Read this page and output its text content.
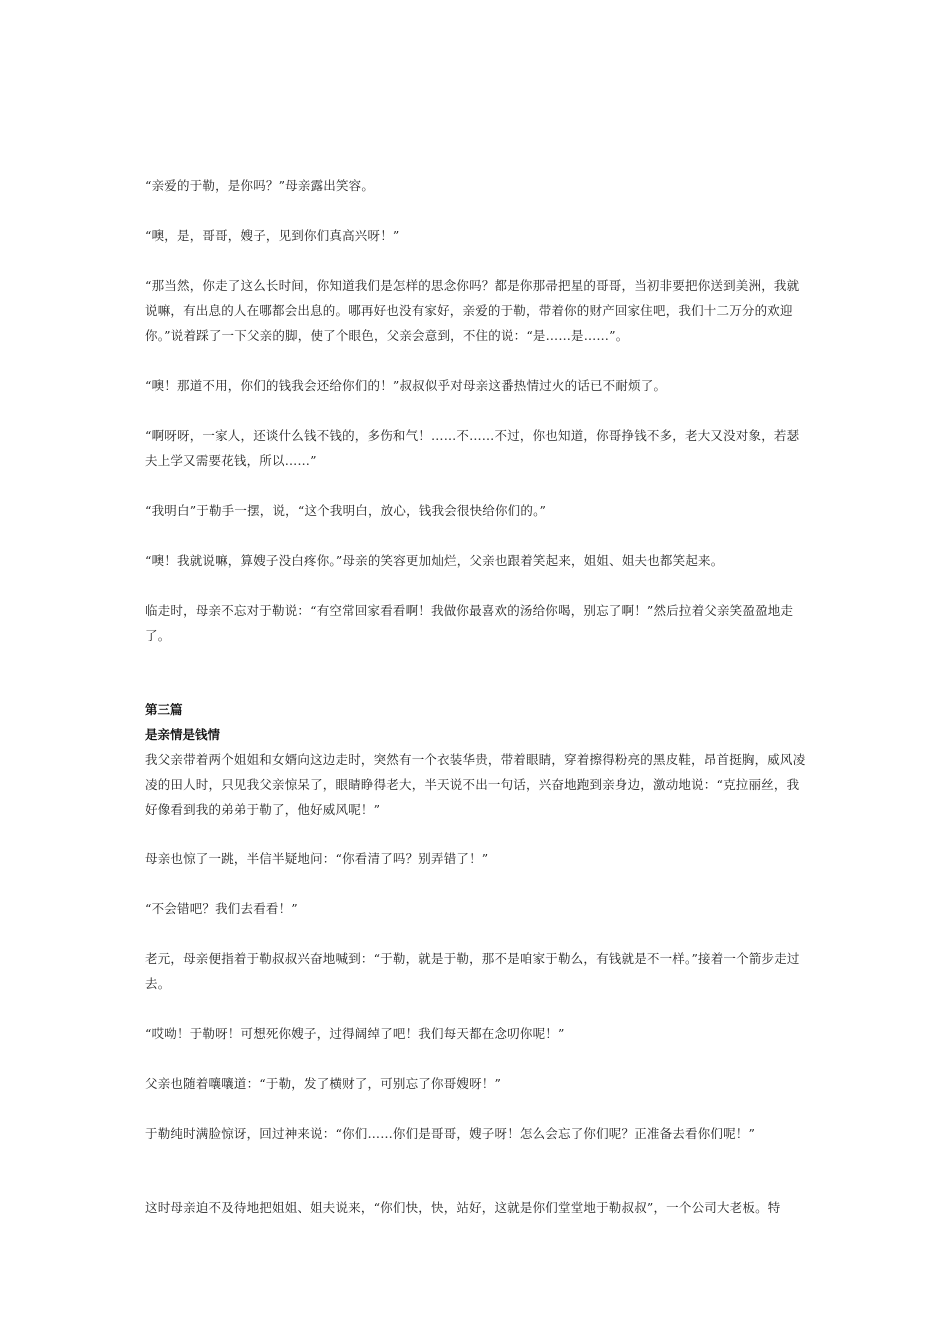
“亲爱的于勒，是你吗？”母亲露出笑容。

“噢，是，哥哥，嫂子，见到你们真高兴呀！”

“那当然，你走了这么长时间，你知道我们是怎样的思念你吗？都是你那帚把星的哥哥，当初非要把你送到美洲，我就说嘛，有出息的人在哪都会出息的。哪再好也没有家好，亲爱的于勒，带着你的财产回家住吧，我们十二万分的欢迎你。”说着踩了一下父亲的脚，使了个眼色，父亲会意到，不住的说：“是……是……”。

“噢！那道不用，你们的钱我会还给你们的！”叔叔似乎对母亲这番热情过火的话已不耐烦了。

“啊呀呀，一家人，还谈什么钱不钱的，多伤和气！……不……不过，你也知道，你哥挣钱不多，老大又没对象，若瑟夫上学又需要花钱，所以……”

“我明白”于勒手一摆，说，“这个我明白，放心，钱我会很快给你们的。”

“噢！我就说嘛，算嫂子没白疼你。”母亲的笑容更加灿烂，父亲也跟着笑起来，姐姐、姐夫也都笑起来。

临走时，母亲不忘对于勒说：“有空常回家看看啊！我做你最喜欢的汤给你喝，别忘了啊！”然后拉着父亲笑盈盈地走了。

第三篇

是亲情是钱情

我父亲带着两个姐姐和女婿向这边走时，突然有一个衣装华贵，带着眼睛，穿着擦得粉亮的黑皮鞋，昂首挺胸，威风凌凌的田人时，只见我父亲惊呆了，眼睛睁得老大，半天说不出一句话，兴奋地跑到亲身边，激动地说：“克拉丽丝，我好像看到我的弟弟于勒了，他好威风呢！”

母亲也惊了一跳，半信半疑地问：“你看清了吗？别弄错了！”

“不会错吧？我们去看看！”

老元，母亲便指着于勒叔叔兴奋地喊到：“于勒，就是于勒，那不是咱家于勒么，有钱就是不一样。”接着一个箭步走过去。

“哎呦！于勒呀！可想死你嫂子，过得阔绰了吧！我们每天都在念叨你呢！”

父亲也随着嚷嚷道：“于勒，发了横财了，可别忘了你哥嫂呀！”

于勒纯时满脸惊讶，回过神来说：“你们……你们是哥哥，嫂子呀！怎么会忘了你们呢？正准备去看你们呢！”

这时母亲迫不及待地把姐姐、姐夫说来，“你们快，快，站好，这就是你们堂堂地于勒叔叔”，一个公司大老板。特
